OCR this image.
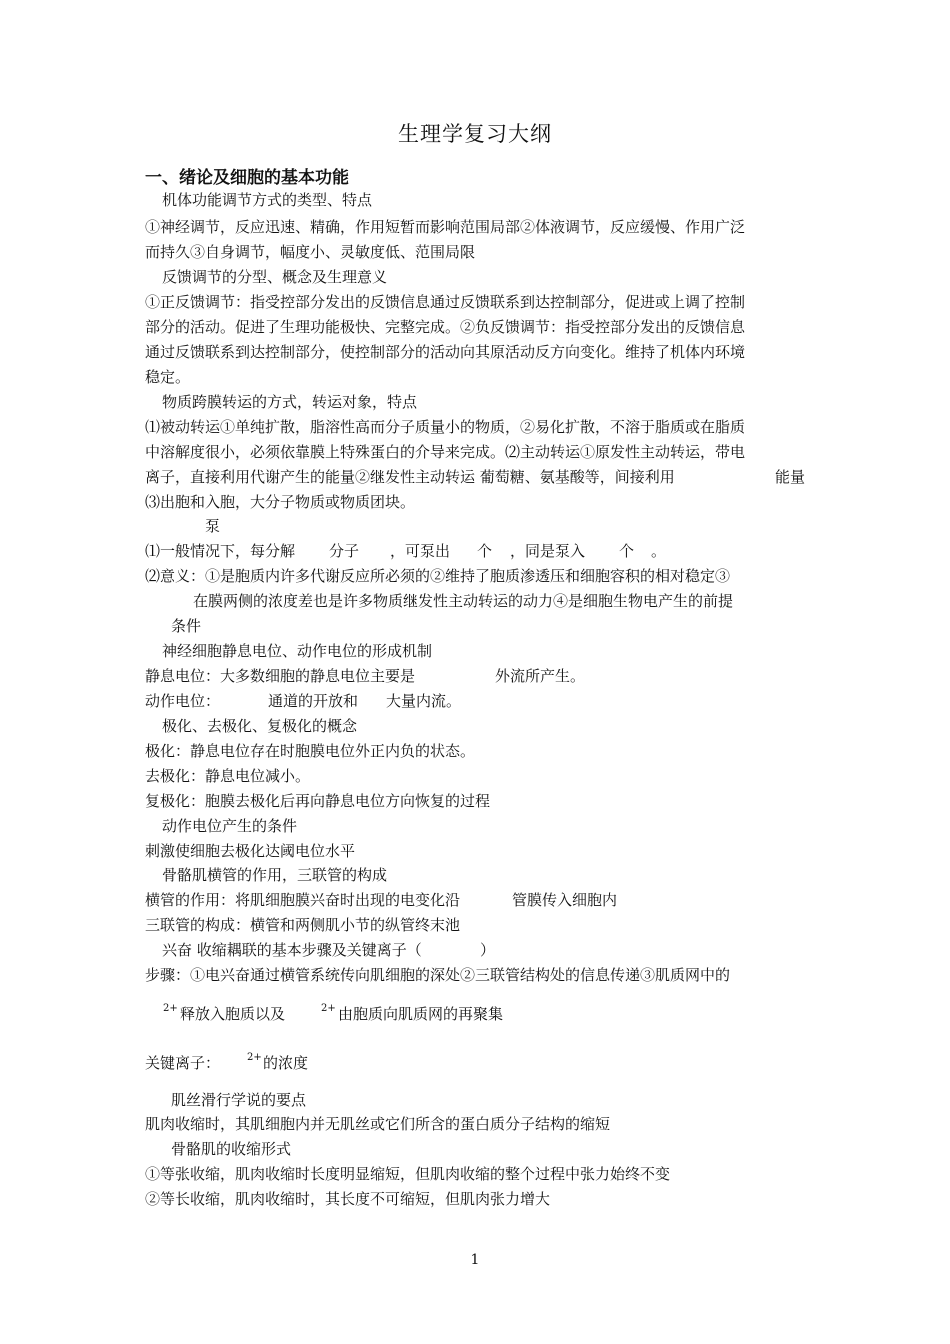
生理学复习大纲
一、绪论及细胞的基本功能
机体功能调节方式的类型、特点
①神经调节，反应迅速、精确，作用短暂而影响范围局部②体液调节，反应缓慢、作用广泛
而持久③自身调节，幅度小、灵敏度低、范围局限
反馈调节的分型、概念及生理意义
①正反馈调节：指受控部分发出的反馈信息通过反馈联系到达控制部分，促进或上调了控制
部分的活动。促进了生理功能极快、完整完成。②负反馈调节：指受控部分发出的反馈信息
通过反馈联系到达控制部分，使控制部分的活动向其原活动反方向变化。维持了机体内环境
稳定。
物质跨膜转运的方式，转运对象，特点
⑴被动转运①单纯扩散，脂溶性高而分子质量小的物质，②易化扩散，不溶于脂质或在脂质
中溶解度很小，必须依靠膜上特殊蛋白的介导来完成。⑵主动转运①原发性主动转运，带电
离子，直接利用代谢产生的能量②继发性主动转运 葡萄糖、氨基酸等，间接利用	能量
⑶出胞和入胞，大分子物质或物质团块。
泵
⑴一般情况下，每分解 分子 ，可泵出 个 ，同是泵入 个 。
⑵意义：①是胞质内许多代谢反应所必须的②维持了胞质渗透压和细胞容积的相对稳定③
在膜两侧的浓度差也是许多物质继发性主动转运的动力④是细胞生物电产生的前提
条件
神经细胞静息电位、动作电位的形成机制
静息电位：大多数细胞的静息电位主要是	外流所产生。
动作电位：	通道的开放和 大量内流。
极化、去极化、复极化的概念
极化：静息电位存在时胞膜电位外正内负的状态。
去极化：静息电位减小。
复极化：胞膜去极化后再向静息电位方向恢复的过程
动作电位产生的条件
刺激使细胞去极化达阈电位水平
骨骼肌横管的作用，三联管的构成
横管的作用：将肌细胞膜兴奋时出现的电变化沿	管膜传入细胞内
三联管的构成：横管和两侧肌小节的纵管终末池
兴奋 收缩耦联的基本步骤及关键离子（	）
步骤：①电兴奋通过横管系统传向肌细胞的深处②三联管结构处的信息传递③肌质网中的
$^{2+}$ 释放入胞质以及	$^{2+}$ 由胞质向肌质网的再聚集
关键离子：	$^{2+}$ 的浓度
肌丝滑行学说的要点
肌肉收缩时，其肌细胞内并无肌丝或它们所含的蛋白质分子结构的缩短
骨骼肌的收缩形式
①等张收缩，肌肉收缩时长度明显缩短，但肌肉收缩的整个过程中张力始终不变
②等长收缩，肌肉收缩时，其长度不可缩短，但肌肉张力增大
1
